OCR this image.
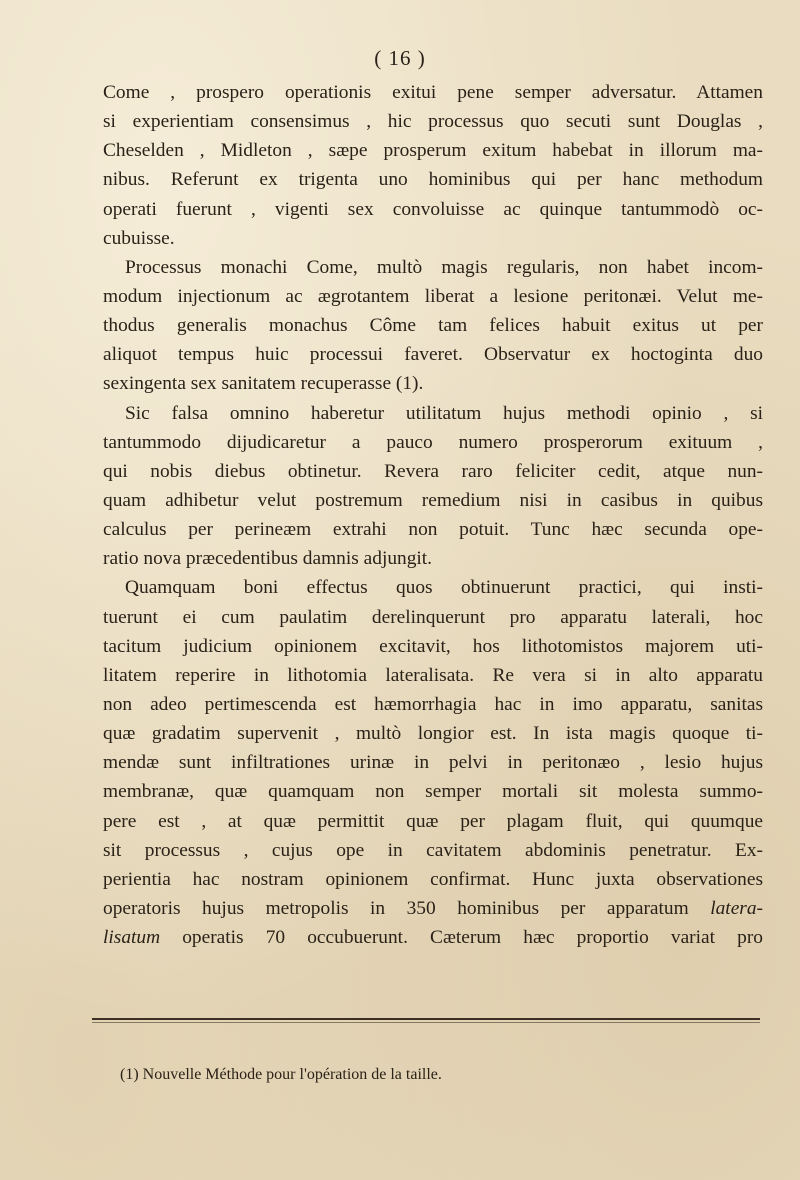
( 16 )
Come , prospero operationis exitui pene semper adversatur. Attamen
si experientiam consensimus , hic processus quo secuti sunt Douglas ,
Cheselden , Midleton , sæpe prosperum exitum habebat in illorum ma-
nibus. Referunt ex trigenta uno hominibus qui per hanc methodum
operati fuerunt , vigenti sex convoluisse ac quinque tantummodò oc-
cubuisse.
Processus monachi Come, multò magis regularis, non habet incom-
modum injectionum ac ægrotantem liberat a lesione peritonæi. Velut me-
thodus generalis monachus Côme tam felices habuit exitus ut per
aliquot tempus huic processui faveret. Observatur ex hoctoginta duo
sexingenta sex sanitatem recuperasse (1).
Sic falsa omnino haberetur utilitatum hujus methodi opinio , si
tantummodo dijudicaretur a pauco numero prosperorum exituum ,
qui nobis diebus obtinetur. Revera raro feliciter cedit, atque nun-
quam adhibetur velut postremum remedium nisi in casibus in quibus
calculus per perineæm extrahi non potuit. Tunc hæc secunda ope-
ratio nova præcedentibus damnis adjungit.
Quamquam boni effectus quos obtinuerunt practici, qui insti-
tuerunt ei cum paulatim derelinquerunt pro apparatu laterali, hoc
tacitum judicium opinionem excitavit, hos lithotomistos majorem uti-
litatem reperire in lithotomia lateralisata. Re vera si in alto apparatu
non adeo pertimescenda est hæmorrhagia hac in imo apparatu, sanitas
quæ gradatim supervenit , multò longior est. In ista magis quoque ti-
mendæ sunt infiltrationes urinæ in pelvi in peritonæo , lesio hujus
membranæ, quæ quamquam non semper mortali sit molesta summo-
pere est , at quæ permittit quæ per plagam fluit, qui quumque
sit processus , cujus ope in cavitatem abdominis penetratur. Ex-
perientia hac nostram opinionem confirmat. Hunc juxta observationes
operatoris hujus metropolis in 350 hominibus per apparatum latera-
lisatum operatis 70 occubuerunt. Cæterum hæc proportio variat pro
(1) Nouvelle Méthode pour l'opération de la taille.
